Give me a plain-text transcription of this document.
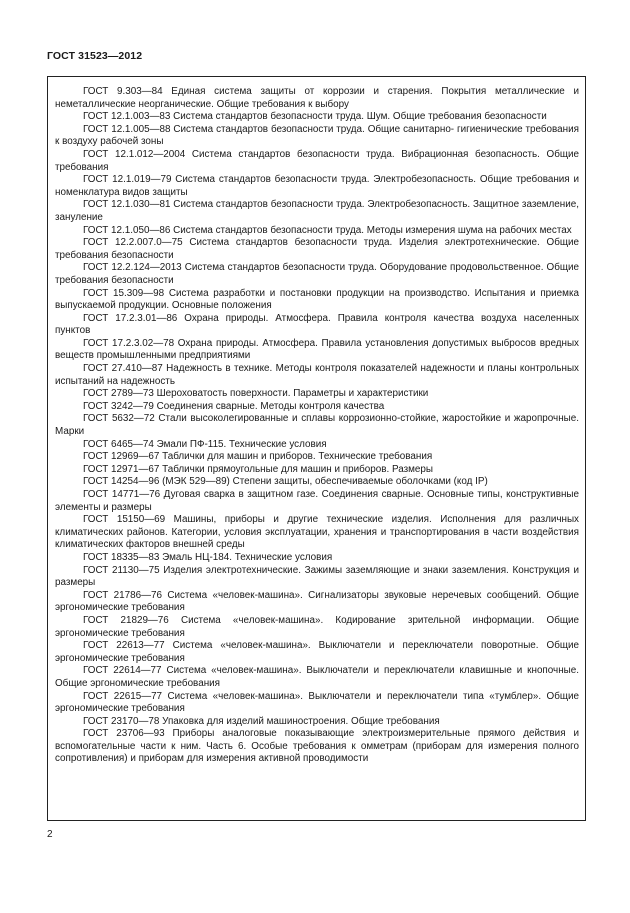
ГОСТ 31523—2012

ГОСТ 9.303—84 Единая система защиты от коррозии и старения. Покрытия металлические и неметаллические неорганические. Общие требования к выбору

ГОСТ 12.1.003—83 Система стандартов безопасности труда. Шум. Общие требования безопасности

ГОСТ 12.1.005—88 Система стандартов безопасности труда. Общие санитарно- гигиенические требования к воздуху рабочей зоны

ГОСТ 12.1.012—2004 Система стандартов безопасности труда. Вибрационная безопасность. Общие требования

ГОСТ 12.1.019—79 Система стандартов безопасности труда. Электробезопасность. Общие требования и номенклатура видов защиты

ГОСТ 12.1.030—81 Система стандартов безопасности труда. Электробезопасность. Защитное заземление, зануление

ГОСТ 12.1.050—86 Система стандартов безопасности труда. Методы измерения шума на рабочих местах

ГОСТ 12.2.007.0—75 Система стандартов безопасности труда. Изделия электротехнические. Общие требования безопасности

ГОСТ 12.2.124—2013 Система стандартов безопасности труда. Оборудование продовольственное. Общие требования безопасности

ГОСТ 15.309—98 Система разработки и постановки продукции на производство. Испытания и приемка выпускаемой продукции. Основные положения

ГОСТ 17.2.3.01—86 Охрана природы. Атмосфера. Правила контроля качества воздуха населенных пунктов

ГОСТ 17.2.3.02—78 Охрана природы. Атмосфера. Правила установления допустимых выбросов вредных веществ промышленными предприятиями

ГОСТ 27.410—87 Надежность в технике. Методы контроля показателей надежности и планы контрольных испытаний на надежность

ГОСТ 2789—73 Шероховатость поверхности. Параметры и характеристики

ГОСТ 3242—79 Соединения сварные. Методы контроля качества

ГОСТ 5632—72 Стали высоколегированные и сплавы коррозионно-стойкие, жаростойкие и жаропрочные. Марки

ГОСТ 6465—74 Эмали ПФ-115. Технические условия

ГОСТ 12969—67 Таблички для машин и приборов. Технические требования

ГОСТ 12971—67 Таблички прямоугольные для машин и приборов. Размеры

ГОСТ 14254—96 (МЭК 529—89) Степени защиты, обеспечиваемые оболочками (код IP)

ГОСТ 14771—76 Дуговая сварка в защитном газе. Соединения сварные. Основные типы, конструктивные элементы и размеры

ГОСТ 15150—69 Машины, приборы и другие технические изделия. Исполнения для различных климатических районов. Категории, условия эксплуатации, хранения и транспортирования в части воздействия климатических факторов внешней среды

ГОСТ 18335—83 Эмаль НЦ-184. Технические условия

ГОСТ 21130—75 Изделия электротехнические. Зажимы заземляющие и знаки заземления. Конструкция и размеры

ГОСТ 21786—76 Система «человек-машина». Сигнализаторы звуковые неречевых сообщений. Общие эргономические требования

ГОСТ 21829—76 Система «человек-машина». Кодирование зрительной информации. Общие эргономические требования

ГОСТ 22613—77 Система «человек-машина». Выключатели и переключатели поворотные. Общие эргономические требования

ГОСТ 22614—77 Система «человек-машина». Выключатели и переключатели клавишные и кнопочные. Общие эргономические требования

ГОСТ 22615—77 Система «человек-машина». Выключатели и переключатели типа «тумблер». Общие эргономические требования

ГОСТ 23170—78 Упаковка для изделий машиностроения. Общие требования

ГОСТ 23706—93 Приборы аналоговые показывающие электроизмерительные прямого действия и вспомогательные части к ним. Часть 6. Особые требования к омметрам (приборам для измерения полного сопротивления) и приборам для измерения активной проводимости

2
